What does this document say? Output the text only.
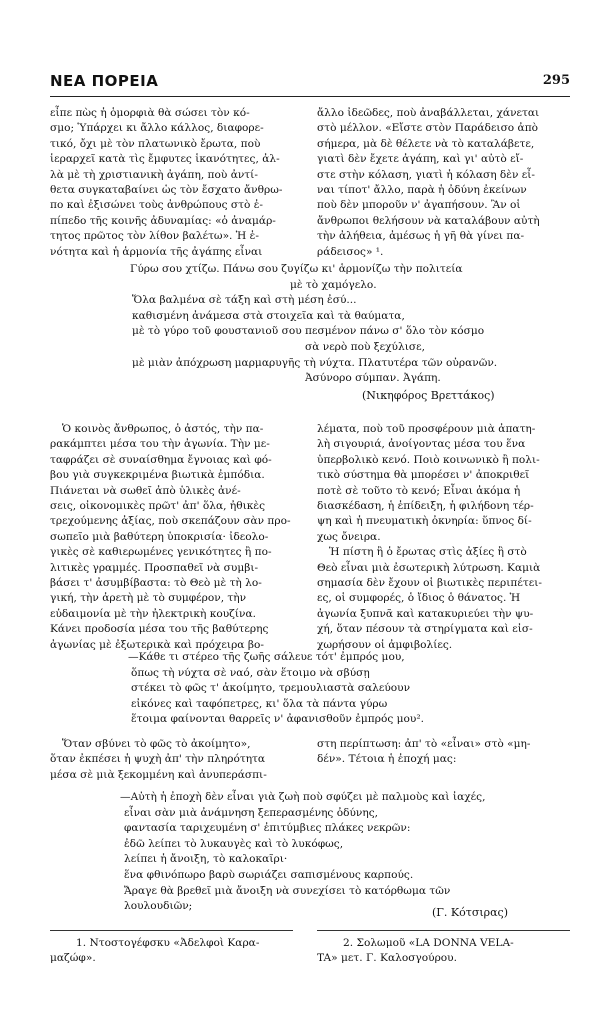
ΝΕΑ ΠΟΡΕΙΑ	295
εἶπε πὼς ἡ ὁμορφιὰ θὰ σώσει τὸν κό-
σμο; Ὑπάρχει κι ἄλλο κάλλος, διαφορε-
τικό, ὄχι μὲ τὸν πλατωνικὸ ἔρωτα, ποὺ
ἱεραρχεῖ κατὰ τὶς ἔμφυτες ἱκανότητες, ἀλ-
λὰ μὲ τὴ χριστιανικὴ ἀγάπη, ποὺ ἀντί-
θετα συγκαταβαίνει ὡς τὸν ἔσχατο ἄνθρω-
πο καὶ ἐξισώνει τοὺς ἀνθρώπους στὸ ἐ-
πίπεδο τῆς κοινῆς ἀδυναμίας: «ὁ ἀναμάρ-
τητος πρῶτος τὸν λίθον βαλέτω». Ἡ ἑ-
νότητα καὶ ἡ ἁρμονία τῆς ἀγάπης εἶναι
ἄλλο ἰδεῶδες, ποὺ ἀναβάλλεται, χάνεται
στὸ μέλλον. «Εἴστε στὸν Παράδεισο ἀπὸ
σήμερα, μὰ δὲ θέλετε νὰ τὸ καταλάβετε,
γιατὶ δὲν ἔχετε ἀγάπη, καὶ γι' αὐτὸ εἴ-
στε στὴν κόλαση, γιατὶ ἡ κόλαση δὲν εἶ-
ναι τίποτ' ἄλλο, παρὰ ἡ ὀδύνη ἐκείνων
ποὺ δὲν μποροῦν ν' ἀγαπήσουν. Ἂν οἱ
ἄνθρωποι θελήσουν νὰ καταλάβουν αὐτὴ
τὴν ἀλήθεια, ἀμέσως ἡ γῆ θὰ γίνει πα-
ράδεισος» ¹.
Γύρω σου χτίζω. Πάνω σου ζυγίζω κι' ἁρμονίζω τὴν πολιτεία
μὲ τὸ χαμόγελο.
Ὅλα βαλμένα σὲ τάξη καὶ στὴ μέση ἐσύ...
καθισμένη ἀνάμεσα στὰ στοιχεῖα καὶ τὰ θαύματα,
μὲ τὸ γύρο τοῦ φουστανιοῦ σου πεσμένον πάνω σ' ὅλο τὸν κόσμο
σὰ νερὸ ποὺ ξεχύλισε,
μὲ μιὰν ἀπόχρωση μαρμαρυγῆς τὴ νύχτα. Πλατυτέρα τῶν οὐρανῶν.
Ἀσύνορο σύμπαν. Ἀγάπη.
(Νικηφόρος Βρεττάκος)
Ὁ κοινὸς ἄνθρωπος, ὁ ἀστός, τὴν πα-
ρακάμπτει μέσα του τὴν ἀγωνία. Τὴν με-
ταφράζει σὲ συναίσθημα ἔγνοιας καὶ φό-
βου γιὰ συγκεκριμένα βιωτικὰ ἐμπόδια.
Πιάνεται νὰ σωθεῖ ἀπὸ ὑλικὲς ἀνέ-
σεις, οἰκονομικὲς πρῶτ' ἀπ' ὅλα, ἠθικὲς
τρεχούμενης ἀξίας, ποὺ σκεπάζουν σὰν προ-
σωπεῖο μιὰ βαθύτερη ὑποκρισία· ἰδεολο-
γικὲς σὲ καθιερωμένες γενικότητες ἢ πο-
λιτικὲς γραμμές. Προσπαθεῖ νὰ συμβι-
βάσει τ' ἀσυμβίβαστα: τὸ Θεὸ μὲ τὴ λο-
γική, τὴν ἀρετὴ μὲ τὸ συμφέρον, τὴν
εὐδαιμονία μὲ τὴν ἠλεκτρικὴ κουζίνα.
Κάνει προδοσία μέσα του τῆς βαθύτερης
ἀγωνίας μὲ ἐξωτερικὰ καὶ πρόχειρα βο-
λέματα, ποὺ τοῦ προσφέρουν μιὰ ἀπατη-
λὴ σιγουριά, ἀνοίγοντας μέσα του ἕνα
ὑπερβολικὸ κενό. Ποιὸ κοινωνικὸ ἢ πολι-
τικὸ σύστημα θὰ μπορέσει ν' ἀποκριθεῖ
ποτὲ σὲ τοῦτο τὸ κενό; Εἶναι ἀκόμα ἡ
διασκέδαση, ἡ ἐπίδειξη, ἡ φιλήδονη τέρ-
ψη καὶ ἡ πνευματικὴ ὀκνηρία: ὕπνος δί-
χως ὄνειρα.
Ἡ πίστη ἢ ὁ ἔρωτας στὶς ἀξίες ἢ στὸ
Θεὸ εἶναι μιὰ ἐσωτερικὴ λύτρωση. Καμιὰ
σημασία δὲν ἔχουν οἱ βιωτικὲς περιπέτει-
ες, οἱ συμφορές, ὁ ἴδιος ὁ θάνατος. Ἡ
ἀγωνία ξυπνᾶ καὶ κατακυριεύει τὴν ψυ-
χή, ὅταν πέσουν τὰ στηρίγματα καὶ εἰσ-
χωρήσουν οἱ ἀμφιβολίες.
—Κάθε τι στέρεο τῆς ζωῆς σάλευε τότ' ἐμπρός μου,
ὅπως τὴ νύχτα σὲ ναό, σὰν ἕτοιμο νὰ σβύσῃ
στέκει τὸ φῶς τ' ἀκοίμητο, τρεμουλιαστὰ σαλεύουν
εἰκόνες καὶ ταφόπετρες, κι' ὅλα τὰ πάντα γύρω
ἕτοιμα φαίνονται θαρρεῖς ν' ἀφανισθοῦν ἐμπρός μου².
Ὅταν σβύνει τὸ φῶς τὸ ἀκοίμητο»,
ὅταν ἐκπέσει ἡ ψυχὴ ἀπ' τὴν πληρότητα
μέσα σὲ μιὰ ξεκομμένη καὶ ἀνυπεράσπι-
στη περίπτωση: ἀπ' τὸ «εἶναι» στὸ «μη-
δέν». Τέτοια ἡ ἐποχή μας:
—Αὐτὴ ἡ ἐποχὴ δὲν εἶναι γιὰ ζωὴ ποὺ σφύζει μὲ παλμοὺς καὶ ἰαχές,
εἶναι σὰν μιὰ ἀνάμνηση ξεπερασμένης ὀδύνης,
φαντασία ταριχευμένη σ' ἐπιτύμβιες πλάκες νεκρῶν:
ἐδῶ λείπει τὸ λυκαυγὲς καὶ τὸ λυκόφως,
λείπει ἡ ἄνοιξη, τὸ καλοκαῖρι·
ἕνα φθινόπωρο βαρὺ σωριάζει σαπισμένους καρπούς.
Ἄραγε θὰ βρεθεῖ μιὰ ἄνοιξη νὰ συνεχίσει τὸ κατόρθωμα τῶν
λουλουδιῶν;	(Γ. Κότσιρας)
1. Ντοστογέφσκυ «Ἀδελφοὶ Καρα-
μαζώφ».
2. Σολωμοῦ «LA DONNA VELA-
TA» μετ. Γ. Καλοσγούρου.
